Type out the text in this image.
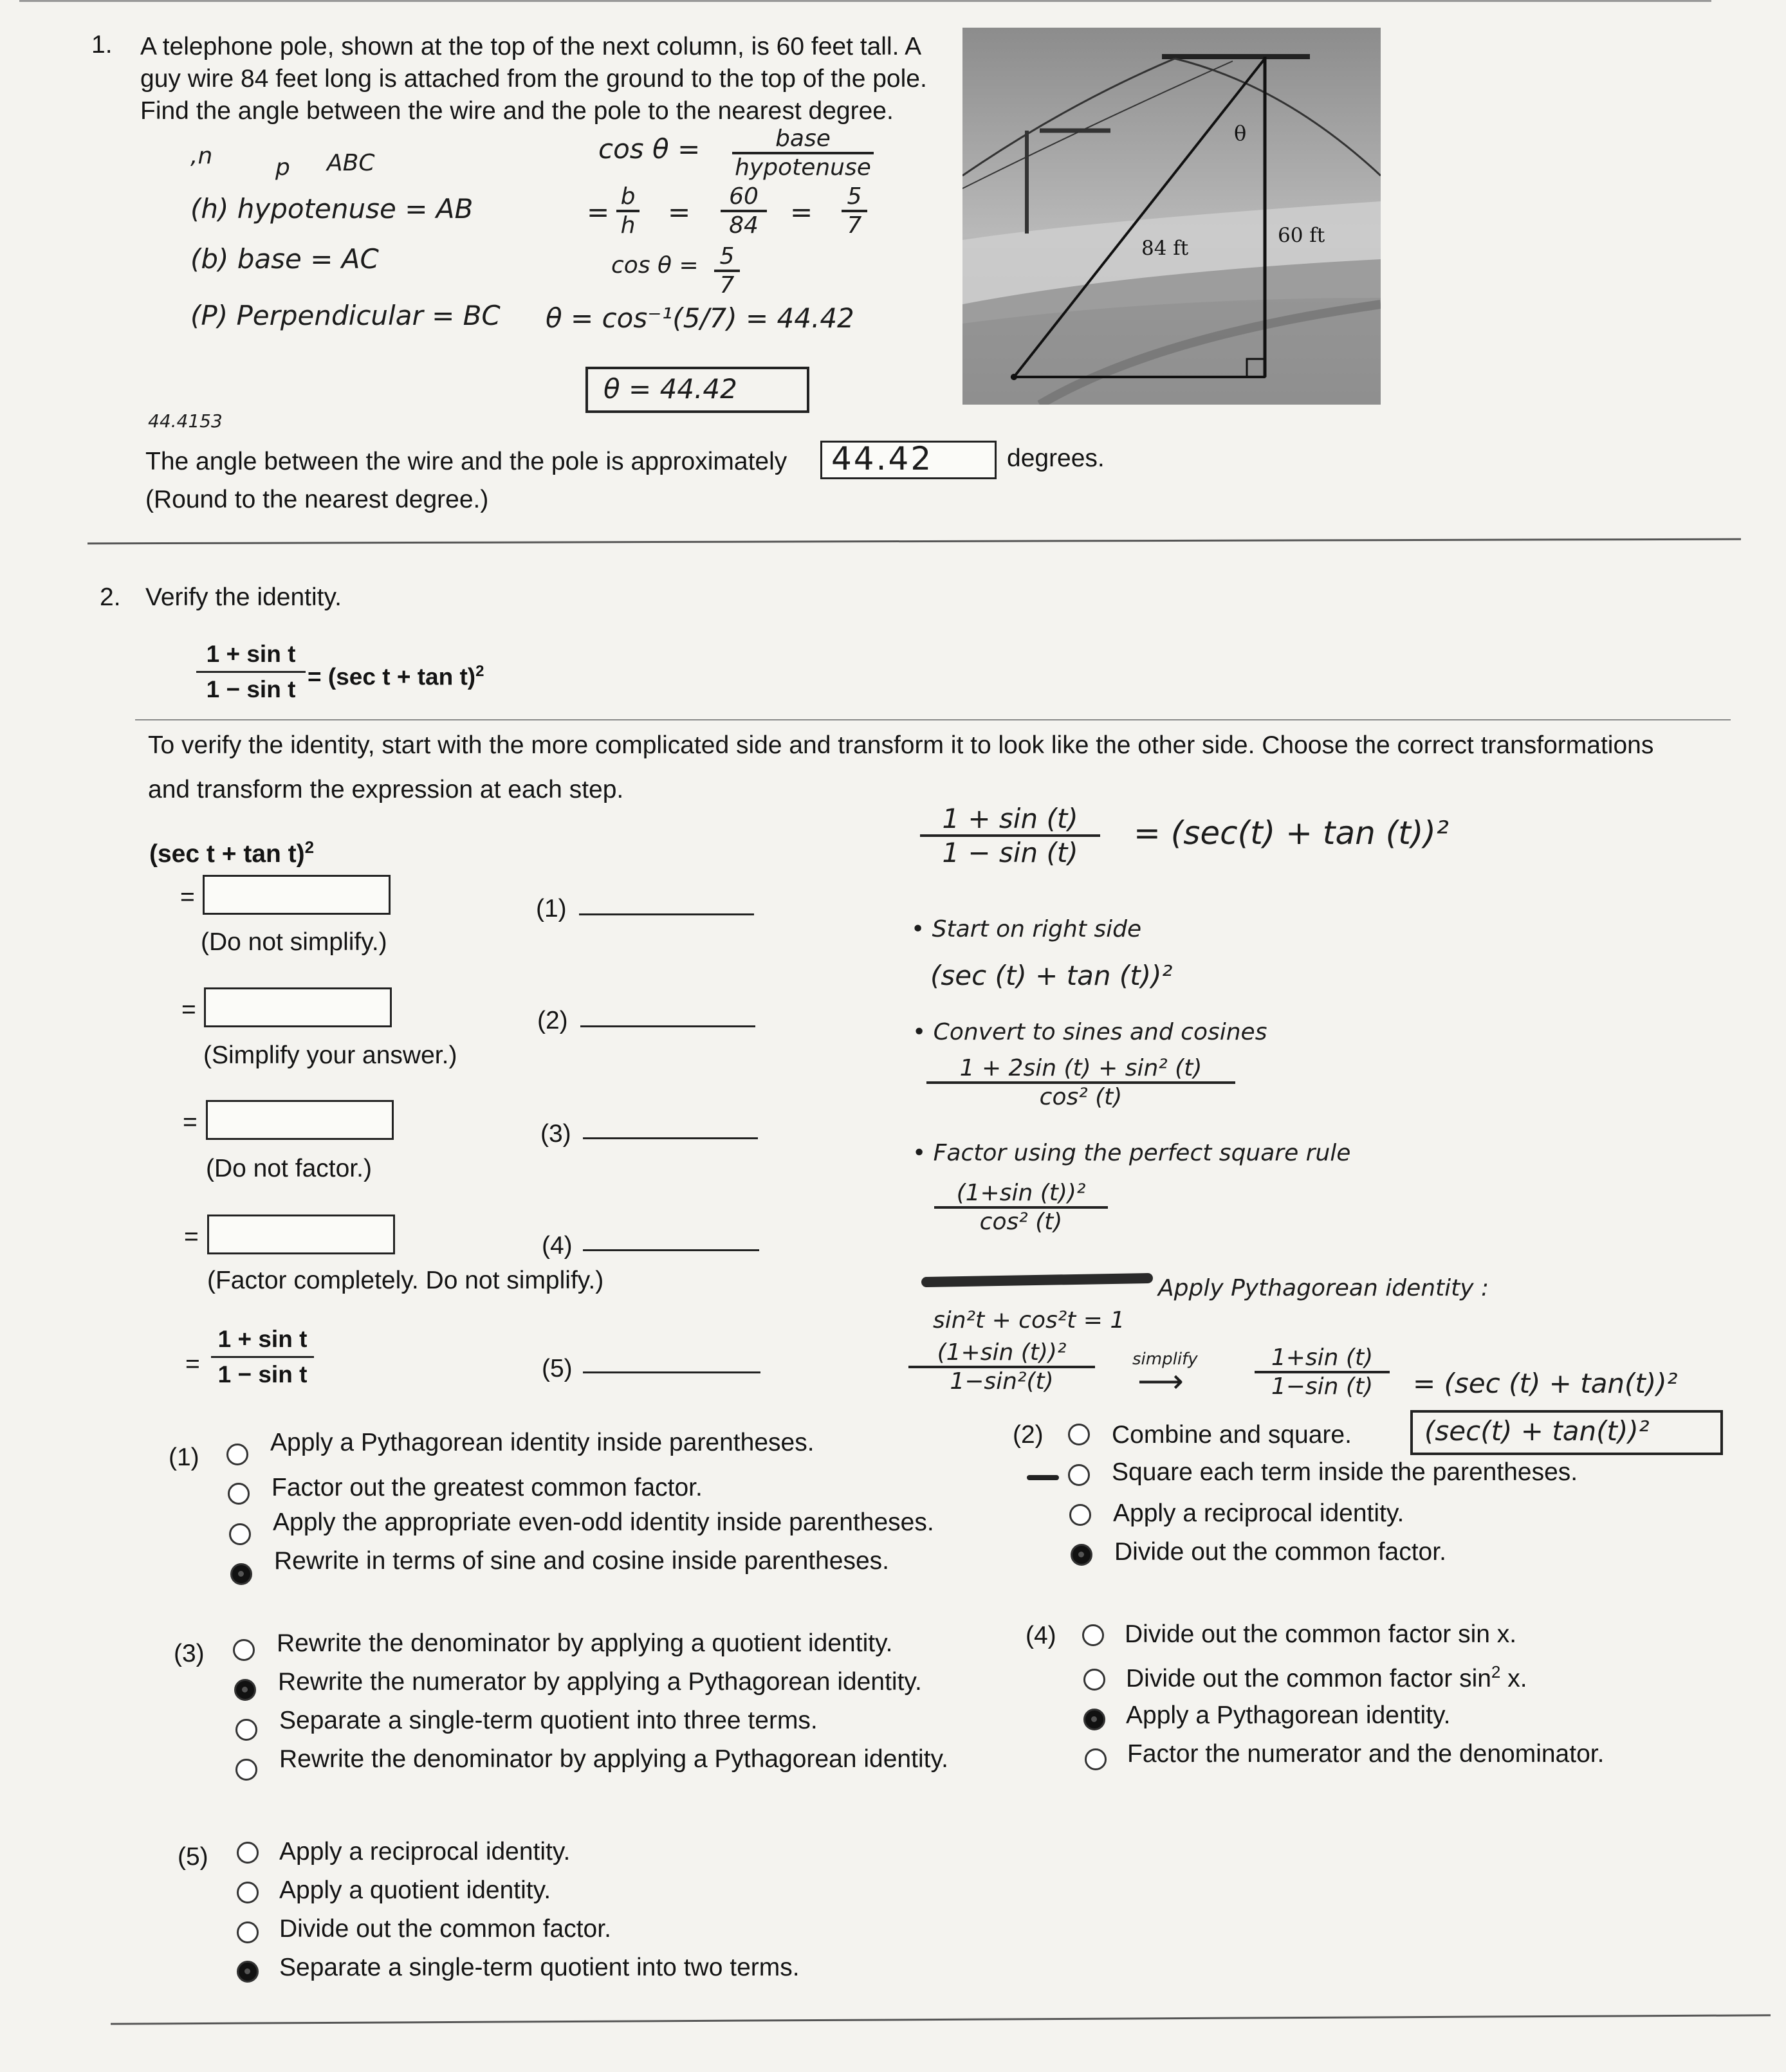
1. A telephone pole, shown at the top of the next column, is 60 feet tall. A
guy wire 84 feet long is attached from the ground to the top of the pole.
Find the angle between the wire and the pole to the nearest degree.
θ
84 ft
60 ft
,n	p ABC	cos θ =	base
hypotenuse
(h) hypotenuse = AB	= b
h =	60
84	= 5
7
(b) base = AC	cos θ = 5
7
(P) Perpendicular = BC θ = cos⁻¹(5/7) = 44.42
θ = 44.42
44.4153
The angle between the wire and the pole is approximately 44.42	degrees.
(Round to the nearest degree.)
2. Verify the identity.
1 + sin t
1 − sin t = (sec t + tan t)$^2$
To verify the identity, start with the more complicated side and transform it to look like the other side. Choose the correct transformations
and transform the expression at each step.
(sec t + tan t)$^2$
=	(1)
(Do not simplify.)
=	(2)
(Simplify your answer.)
=	(3)
(Do not factor.)
=	(4)
(Factor completely. Do not simplify.)
=
1 + sin t
1 − sin t	(5)
1 + sin (t)
1 − sin (t)
= (sec(t) + tan (t))²
• Start on right side
(sec (t) + tan (t))²
• Convert to sines and cosines
1 + 2sin (t) + sin² (t)
cos² (t)
• Factor using the perfect square rule
(1+sin (t))²
cos² (t)
Apply Pythagorean identity :
sin²t + cos²t = 1
(1+sin (t))²
1−sin²(t)
simplify
⟶
1+sin (t)
1−sin (t)	= (sec (t) + tan(t))²
(sec(t) + tan(t))²
(1)
Apply a Pythagorean identity inside parentheses.
Factor out the greatest common factor.
Apply the appropriate even-odd identity inside parentheses.
Rewrite in terms of sine and cosine inside parentheses.
(2)	Combine and square.
Square each term inside the parentheses.
Apply a reciprocal identity.
Divide out the common factor.
(3)	Rewrite the denominator by applying a quotient identity.
Rewrite the numerator by applying a Pythagorean identity.
Separate a single-term quotient into three terms.
Rewrite the denominator by applying a Pythagorean identity.
(4)	Divide out the common factor sin x.
Divide out the common factor $\sin^2 x$.
Apply a Pythagorean identity.
Factor the numerator and the denominator.
(5)	Apply a reciprocal identity.
Apply a quotient identity.
Divide out the common factor.
Separate a single-term quotient into two terms.
